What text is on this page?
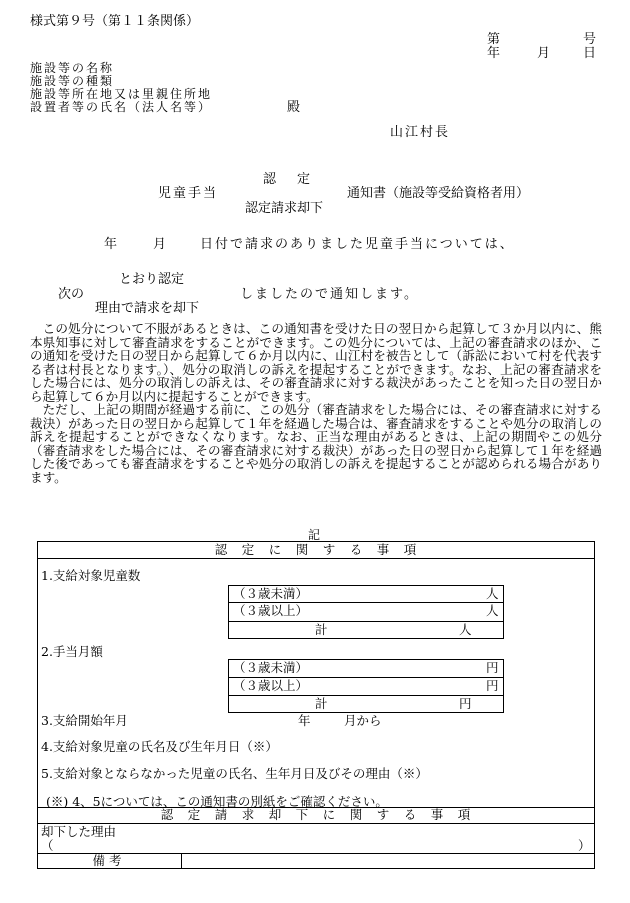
様式第９号（第１１条関係）
第	号
年	月	日
施設等の名称
施設等の種類
施設等所在地又は里親住所地
設置者等の氏名（法人名等）	殿
山江村長
認　定
児童手当	通知書（施設等受給資格者用）
認定請求却下
年	月	日付で請求のありました児童手当については、
とおり認定
次の	しましたので通知します。
理由で請求を却下

この処分について不服があるときは、この通知書を受けた日の翌日から起算して３か月以内に、熊本県知事に対して審査請求をすることができます。この処分については、上記の審査請求のほか、この通知を受けた日の翌日から起算して６か月以内に、山江村を被告として（訴訟において村を代表する者は村長となります。）、処分の取消しの訴えを提起することができます。なお、上記の審査請求をした場合には、処分の取消しの訴えは、その審査請求に対する裁決があったことを知った日の翌日から起算して６か月以内に提起することができます。

ただし、上記の期間が経過する前に、この処分（審査請求をした場合には、その審査請求に対する裁決）があった日の翌日から起算して１年を経過した場合は、審査請求をすることや処分の取消しの訴えを提起することができなくなります。なお、正当な理由があるときは、上記の期間やこの処分（審査請求をした場合には、その審査請求に対する裁決）があった日の翌日から起算して１年を経過した後であっても審査請求をすることや処分の取消しの訴えを提起することが認められる場合があります。

記
認　定　に　関　す　る　事　項
1.支給対象児童数
（３歳未満）	人
（３歳以上）	人
計	人
2.手当月額
（３歳未満）	円
（３歳以上）	円
計	円
3.支給開始年月	年	月から
4.支給対象児童の氏名及び生年月日（※）
5.支給対象とならなかった児童の氏名、生年月日及びその理由（※）
(※) 4、5については、この通知書の別紙をご確認ください。
認　定　請　求　却　下　に　関　す　る　事　項
却下した理由
（	）
備考
